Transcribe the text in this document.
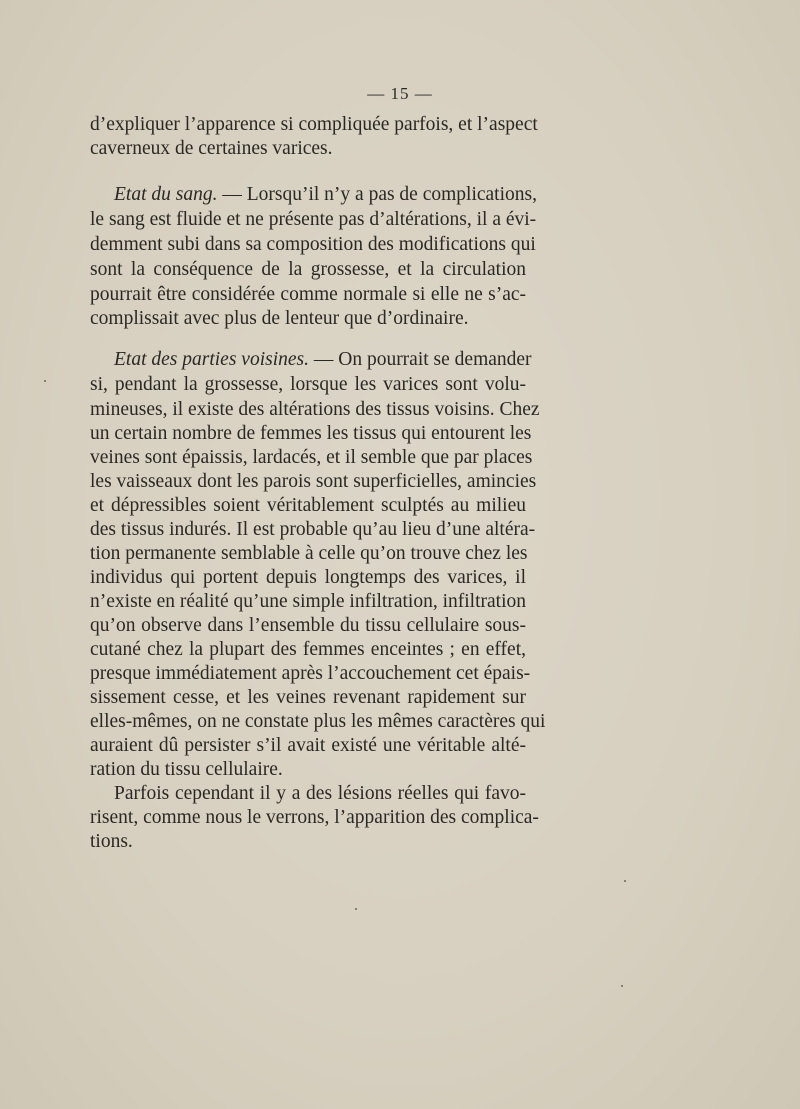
— 15 —
d’expliquer l’apparence si compliquée parfois, et l’aspect
caverneux de certaines varices.
Etat du sang. — Lorsqu’il n’y a pas de complications,
le sang est fluide et ne présente pas d’altérations, il a évi-
demment subi dans sa composition des modifications qui
sont la conséquence de la grossesse, et la circulation
pourrait être considérée comme normale si elle ne s’ac-
complissait avec plus de lenteur que d’ordinaire.
Etat des parties voisines. — On pourrait se demander
si, pendant la grossesse, lorsque les varices sont volu-
mineuses, il existe des altérations des tissus voisins. Chez
un certain nombre de femmes les tissus qui entourent les
veines sont épaissis, lardacés, et il semble que par places
les vaisseaux dont les parois sont superficielles, amincies
et dépressibles soient véritablement sculptés au milieu
des tissus indurés. Il est probable qu’au lieu d’une altéra-
tion permanente semblable à celle qu’on trouve chez les
individus qui portent depuis longtemps des varices, il
n’existe en réalité qu’une simple infiltration, infiltration
qu’on observe dans l’ensemble du tissu cellulaire sous-
cutané chez la plupart des femmes enceintes ; en effet,
presque immédiatement après l’accouchement cet épais-
sissement cesse, et les veines revenant rapidement sur
elles-mêmes, on ne constate plus les mêmes caractères qui
auraient dû persister s’il avait existé une véritable alté-
ration du tissu cellulaire.
Parfois cependant il y a des lésions réelles qui favo-
risent, comme nous le verrons, l’apparition des complica-
tions.
